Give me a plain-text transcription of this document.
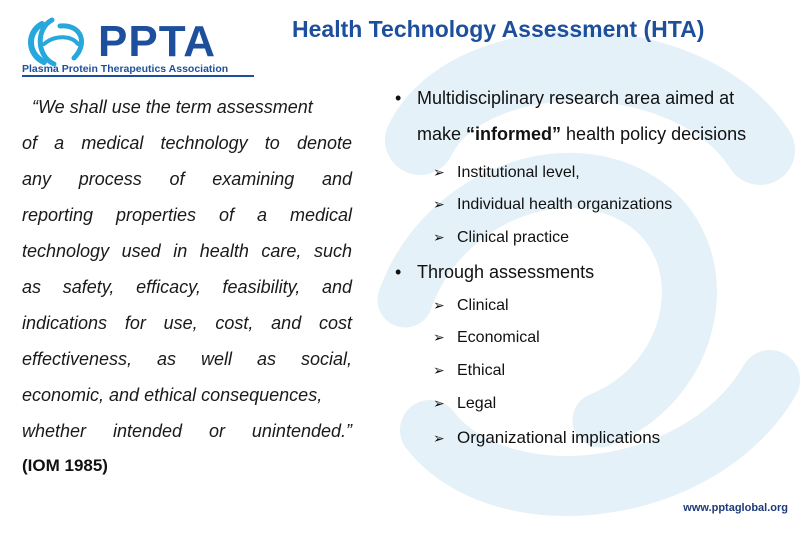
PPTA
Plasma Protein Therapeutics Association
Health Technology Assessment (HTA)
“We shall use the term assessment
of a medical technology to denote
any process of examining and
reporting properties of a medical
technology used in health care, such
as safety, efficacy, feasibility, and
indications for use, cost, and cost
effectiveness, as well as social,
economic, and ethical consequences,
whether intended or unintended.”
(IOM 1985)
• Multidisciplinary research area aimed at
make “informed” health policy decisions
➢ Institutional level,
➢ Individual health organizations
➢ Clinical practice
• Through assessments
➢ Clinical
➢ Economical
➢ Ethical
➢ Legal
➢ Organizational implications
www.pptaglobal.org
